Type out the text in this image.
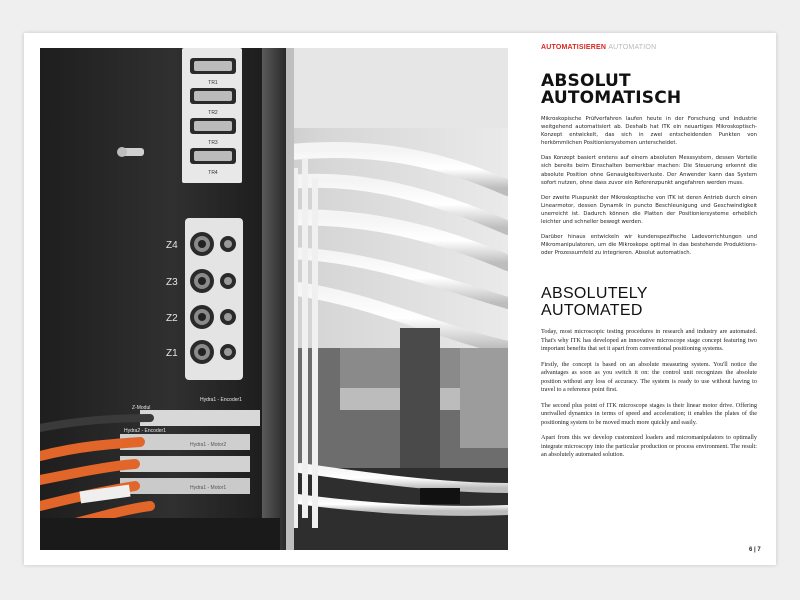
TR1
TR2
TR3
TR4
Z4
Z3
Z2
Z1
Z-Modul
Hydra1 - Encoder1
Hydra2 - Encoder1
Hydra1 - Motor2
Hydra1 - Motor1
AUTOMATISIEREN AUTOMATION
ABSOLUT
AUTOMATISCH

Mikroskopische Prüfverfahren laufen heute in der Forschung und Industrie weitgehend automatisiert ab. Deshalb hat ITK ein neuartiges Mikroskoptisch-Konzept entwickelt, das sich in zwei entscheidenden Punkten von herkömmlichen Positioniersystemen unterscheidet.

Das Konzept basiert erstens auf einem absoluten Messsystem, dessen Vorteile sich bereits beim Einschalten bemerkbar machen: Die Steuerung erkennt die absolute Position ohne Genauigkeitsverluste. Der Anwender kann das System sofort nutzen, ohne dass zuvor ein Referenzpunkt angefahren werden muss.

Der zweite Pluspunkt der Mikroskoptische von ITK ist deren Antrieb durch einen Linearmotor, dessen Dynamik in puncto Beschleunigung und Geschwindigkeit unerreicht ist. Dadurch können die Platten der Positioniersysteme erheblich leichter und schneller bewegt werden.

Darüber hinaus entwickeln wir kundenspezifische Ladevorrichtungen und Mikromanipulatoren, um die Mikroskope optimal in das bestehende Produktions- oder Prozessumfeld zu integrieren. Absolut automatisch.

ABSOLUTELY
AUTOMATED

Today, most microscopic testing procedures in research and industry are automated. That's why ITK has developed an innovative microscope stage concept featuring two important benefits that set it apart from conventional positioning systems.

Firstly, the concept is based on an absolute measuring system. You'll notice the advantages as soon as you switch it on: the control unit recognizes the absolute position without any loss of accuracy. The system is ready to use without having to travel to a reference point first.

The second plus point of ITK microscope stages is their linear motor drive. Offering unrivalled dynamics in terms of speed and acceleration; it enables the plates of the positioning system to be moved much more quickly and easily.

Apart from this we develop customized loaders and micromanipulators to optimally integrate microscopy into the particular production or process environment. The result: an absolutely automated solution.

6 | 7
